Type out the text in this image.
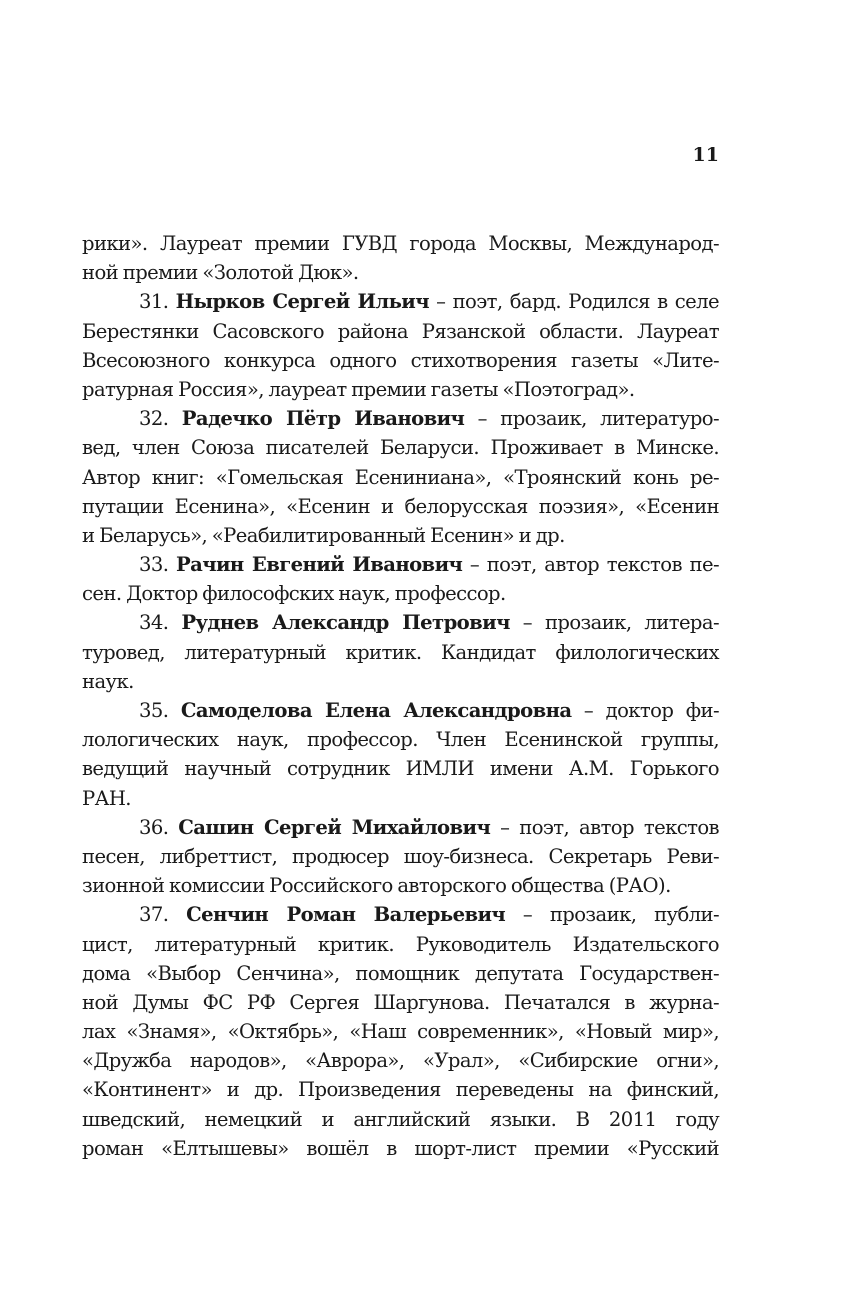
11
рики». Лауреат премии ГУВД города Москвы, Международ-
ной премии «Золотой Дюк».
31. Нырков Сергей Ильич – поэт, бард. Родился в селе
Берестянки Сасовского района Рязанской области. Лауреат
Всесоюзного конкурса одного стихотворения газеты «Лите-
ратурная Россия», лауреат премии газеты «Поэтоград».
32. Радечко Пётр Иванович – прозаик, литературо-
вед, член Союза писателей Беларуси. Проживает в Минске.
Автор книг: «Гомельская Есениниана», «Троянский конь ре-
путации Есенина», «Есенин и белорусская поэзия», «Есенин
и Беларусь», «Реабилитированный Есенин» и др.
33. Рачин Евгений Иванович – поэт, автор текстов пе-
сен. Доктор философских наук, профессор.
34. Руднев Александр Петрович – прозаик, литера-
туровед, литературный критик. Кандидат филологических
наук.
35. Самоделова Елена Александровна – доктор фи-
лологических наук, профессор. Член Есенинской группы,
ведущий научный сотрудник ИМЛИ имени А.М. Горького
РАН.
36. Сашин Сергей Михайлович – поэт, автор текстов
песен, либреттист, продюсер шоу-бизнеса. Секретарь Реви-
зионной комиссии Российского авторского общества (РАО).
37. Сенчин Роман Валерьевич – прозаик, публи-
цист, литературный критик. Руководитель Издательского
дома «Выбор Сенчина», помощник депутата Государствен-
ной Думы ФС РФ Сергея Шаргунова. Печатался в журна-
лах «Знамя», «Октябрь», «Наш современник», «Новый мир»,
«Дружба народов», «Аврора», «Урал», «Сибирские огни»,
«Континент» и др. Произведения переведены на финский,
шведский, немецкий и английский языки. В 2011 году
роман «Елтышевы» вошёл в шорт-лист премии «Русский
